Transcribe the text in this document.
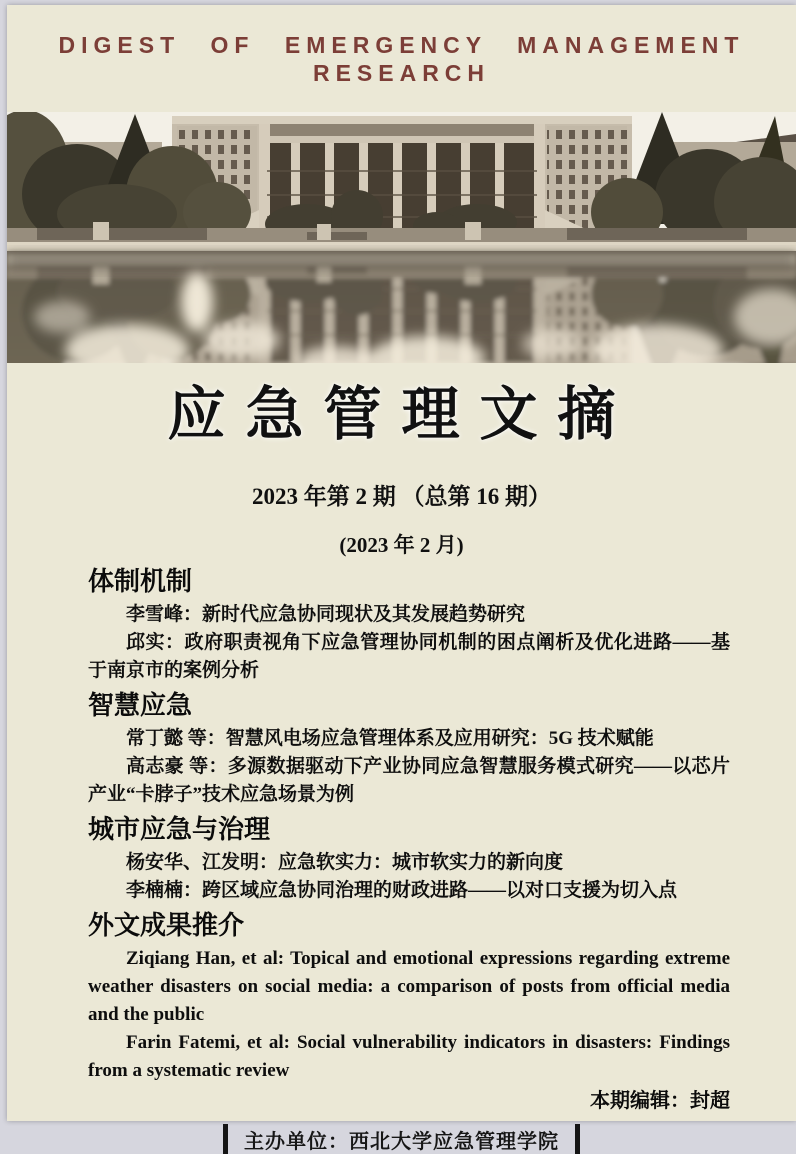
DIGEST OF EMERGENCY MANAGEMENT RESEARCH
应急管理文摘
2023 年第 2 期 （总第 16 期）
(2023 年 2 月)
体制机制

李雪峰：新时代应急协同现状及其发展趋势研究

邱实：政府职责视角下应急管理协同机制的困点阐析及优化进路——基于南京市的案例分析

智慧应急

常丁懿 等：智慧风电场应急管理体系及应用研究：5G 技术赋能

高志豪 等：多源数据驱动下产业协同应急智慧服务模式研究——以芯片产业“卡脖子”技术应急场景为例

城市应急与治理

杨安华、江发明：应急软实力：城市软实力的新向度

李楠楠：跨区域应急协同治理的财政进路——以对口支援为切入点

外文成果推介

Ziqiang Han, et al: Topical and emotional expressions regarding extreme weather disasters on social media: a comparison of posts from official media and the public

Farin Fatemi, et al: Social vulnerability indicators in disasters: Findings from a systematic review

本期编辑：封超
主办单位：西北大学应急管理学院
